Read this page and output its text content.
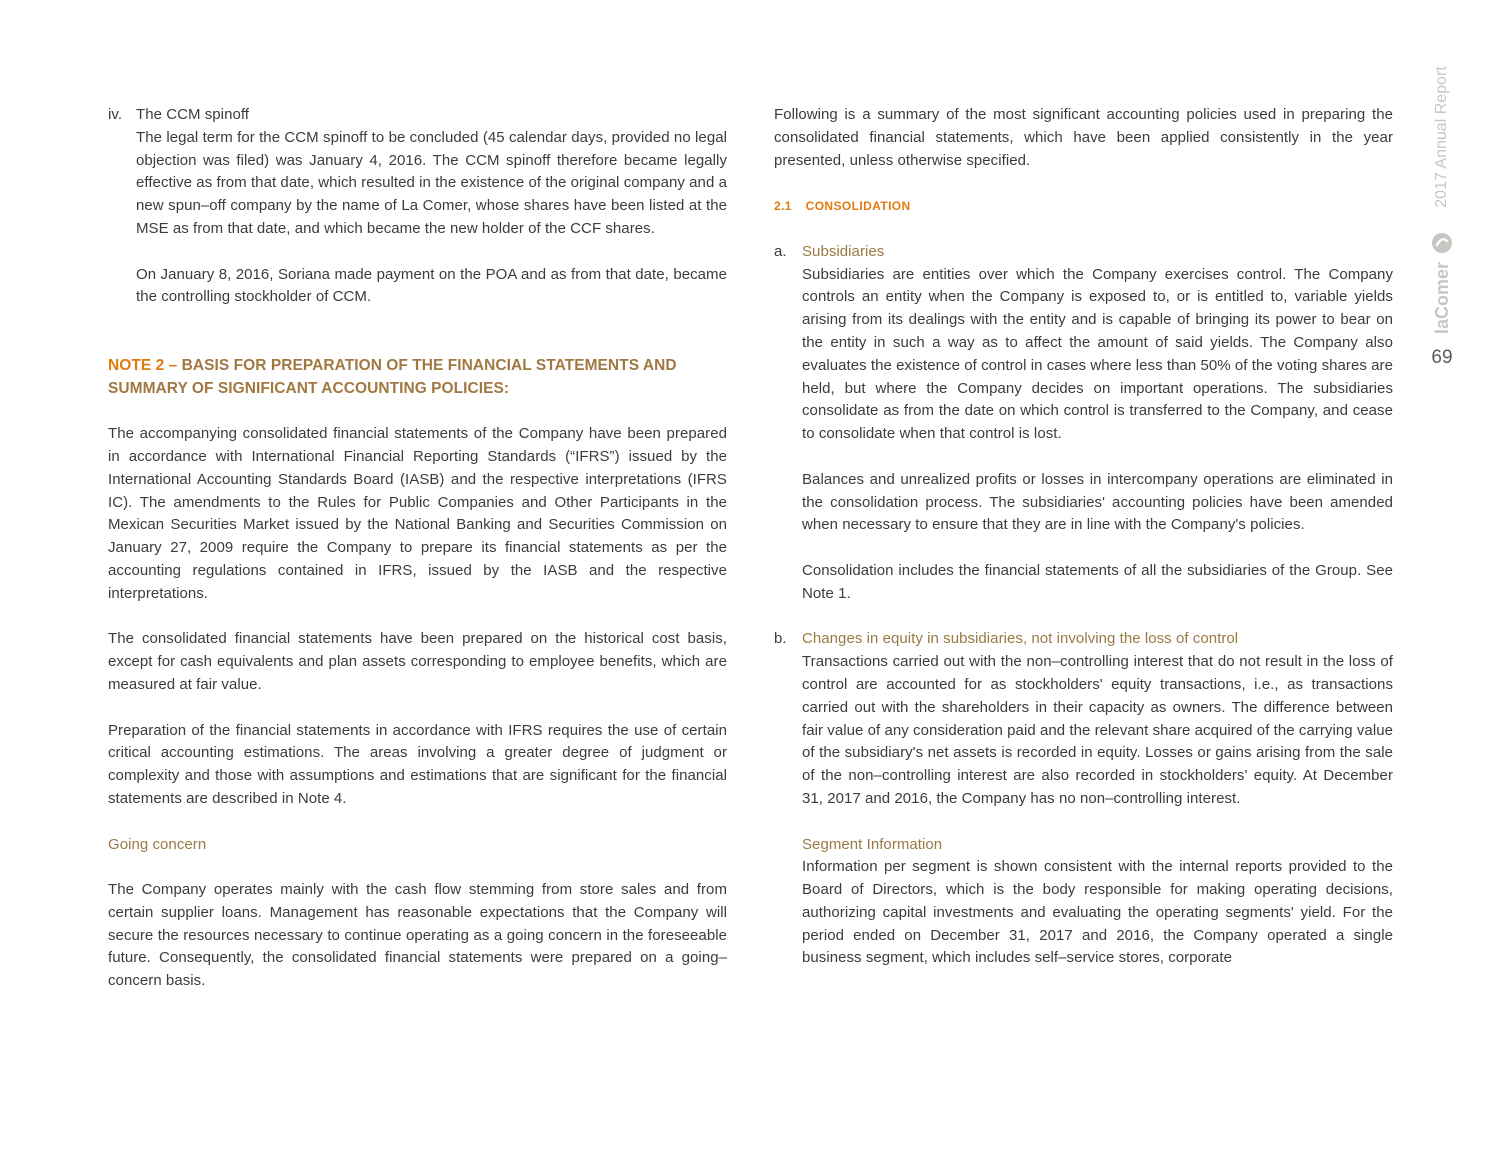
iv. The CCM spinoff

The legal term for the CCM spinoff to be concluded (45 calendar days, provided no legal objection was filed) was January 4, 2016. The CCM spinoff therefore became legally effective as from that date, which resulted in the existence of the original company and a new spun–off company by the name of La Comer, whose shares have been listed at the MSE as from that date, and which became the new holder of the CCF shares.

On January 8, 2016, Soriana made payment on the POA and as from that date, became the controlling stockholder of CCM.

NOTE 2 – BASIS FOR PREPARATION OF THE FINANCIAL STATEMENTS AND SUMMARY OF SIGNIFICANT ACCOUNTING POLICIES:

The accompanying consolidated financial statements of the Company have been prepared in accordance with International Financial Reporting Standards (“IFRS”) issued by the International Accounting Standards Board (IASB) and the respective interpretations (IFRS IC). The amendments to the Rules for Public Companies and Other Participants in the Mexican Securities Market issued by the National Banking and Securities Commission on January 27, 2009 require the Company to prepare its financial statements as per the accounting regulations contained in IFRS, issued by the IASB and the respective interpretations.

The consolidated financial statements have been prepared on the historical cost basis, except for cash equivalents and plan assets corresponding to employee benefits, which are measured at fair value.

Preparation of the financial statements in accordance with IFRS requires the use of certain critical accounting estimations. The areas involving a greater degree of judgment or complexity and those with assumptions and estimations that are significant for the financial statements are described in Note 4.

Going concern

The Company operates mainly with the cash flow stemming from store sales and from certain supplier loans. Management has reasonable expectations that the Company will secure the resources necessary to continue operating as a going concern in the foreseeable future. Consequently, the consolidated financial statements were prepared on a going–concern basis.

Following is a summary of the most significant accounting policies used in preparing the consolidated financial statements, which have been applied consistently in the year presented, unless otherwise specified.

2.1 CONSOLIDATION
a. Subsidiaries

Subsidiaries are entities over which the Company exercises control. The Company controls an entity when the Company is exposed to, or is entitled to, variable yields arising from its dealings with the entity and is capable of bringing its power to bear on the entity in such a way as to affect the amount of said yields. The Company also evaluates the existence of control in cases where less than 50% of the voting shares are held, but where the Company decides on important operations. The subsidiaries consolidate as from the date on which control is transferred to the Company, and cease to consolidate when that control is lost.

Balances and unrealized profits or losses in intercompany operations are eliminated in the consolidation process. The subsidiaries' accounting policies have been amended when necessary to ensure that they are in line with the Company's policies.

Consolidation includes the financial statements of all the subsidiaries of the Group. See Note 1.

b. Changes in equity in subsidiaries, not involving the loss of control

Transactions carried out with the non–controlling interest that do not result in the loss of control are accounted for as stockholders' equity transactions, i.e., as transactions carried out with the shareholders in their capacity as owners. The difference between fair value of any consideration paid and the relevant share acquired of the carrying value of the subsidiary's net assets is recorded in equity. Losses or gains arising from the sale of the non–controlling interest are also recorded in stockholders' equity. At December 31, 2017 and 2016, the Company has no non–controlling interest.

Segment Information

Information per segment is shown consistent with the internal reports provided to the Board of Directors, which is the body responsible for making operating decisions, authorizing capital investments and evaluating the operating segments' yield. For the period ended on December 31, 2017 and 2016, the Company operated a single business segment, which includes self–service stores, corporate

2017 Annual Report
laComer
69
